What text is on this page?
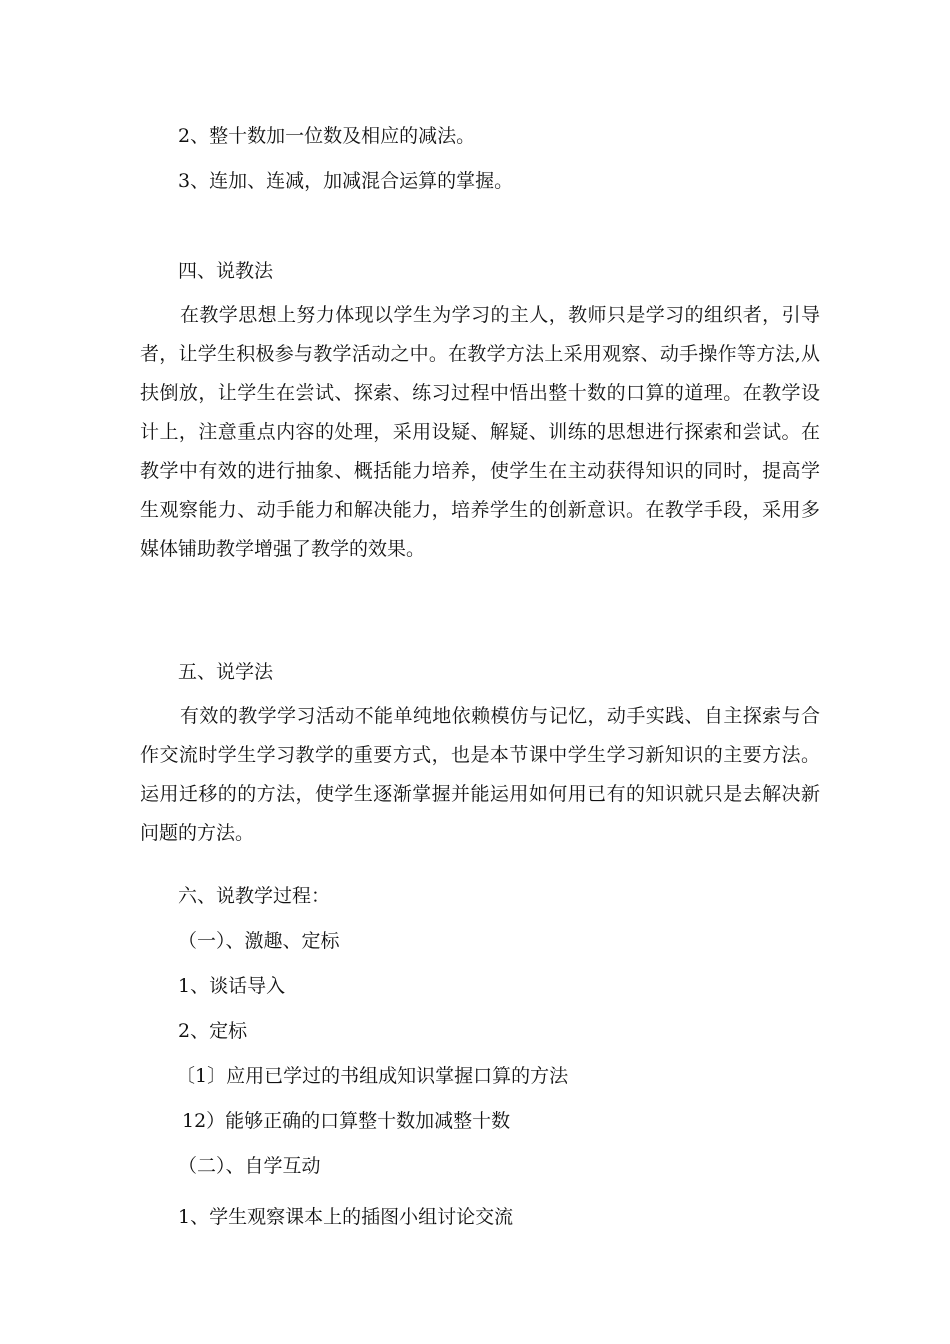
2、整十数加一位数及相应的减法。
3、连加、连减，加减混合运算的掌握。
四、说教法
在教学思想上努力体现以学生为学习的主人，教师只是学习的组织者，引导者，让学生积极参与教学活动之中。在教学方法上采用观察、动手操作等方法,从扶倒放，让学生在尝试、探索、练习过程中悟出整十数的口算的道理。在教学设计上，注意重点内容的处理，采用设疑、解疑、训练的思想进行探索和尝试。在教学中有效的进行抽象、概括能力培养，使学生在主动获得知识的同时，提高学生观察能力、动手能力和解决能力，培养学生的创新意识。在教学手段，采用多媒体铺助教学增强了教学的效果。
五、说学法
有效的教学学习活动不能单纯地依赖模仿与记忆，动手实践、自主探索与合作交流时学生学习教学的重要方式，也是本节课中学生学习新知识的主要方法。运用迁移的的方法，使学生逐渐掌握并能运用如何用已有的知识就只是去解决新问题的方法。
六、说教学过程：
（一）、激趣、定标
1、谈话导入
2、定标
〔1〕应用已学过的书组成知识掌握口算的方法
12）能够正确的口算整十数加减整十数
（二）、自学互动
1、学生观察课本上的插图小组讨论交流
